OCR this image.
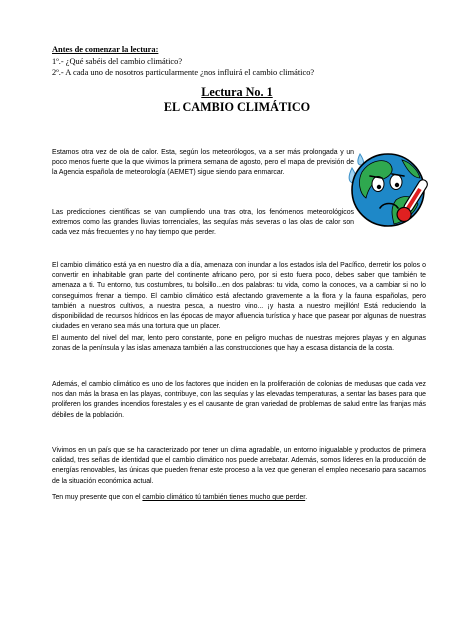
Antes de comenzar la lectura:
1º.- ¿Qué sabéis del cambio climático?
2º.- A cada uno de nosotros particularmente ¿nos influirá el cambio climático?
Lectura No. 1
EL CAMBIO CLIMÁTICO

Estamos otra vez de ola de calor. Esta, según los meteorólogos, va a ser más prolongada y un poco menos fuerte que la que vivimos la primera semana de agosto, pero el mapa de previsión de la Agencia española de meteorología (AEMET) sigue siendo para enmarcar.

Las predicciones científicas se van cumpliendo una tras otra, los fenómenos meteorológicos extremos como las grandes lluvias torrenciales, las sequías más severas o las olas de calor son cada vez más frecuentes y no hay tiempo que perder.

El cambio climático está ya en nuestro día a día, amenaza con inundar a los estados isla del Pacífico, derretir los polos o convertir en inhabitable gran parte del continente africano pero, por si esto fuera poco, debes saber que también te amenaza a ti. Tu entorno, tus costumbres, tu bolsillo...en dos palabras: tu vida, como la conoces, va a cambiar si no lo conseguimos frenar a tiempo. El cambio climático está afectando gravemente a la flora y la fauna españolas, pero también a nuestros cultivos, a nuestra pesca, a nuestro vino... ¡y hasta a nuestro mejillón! Está reduciendo la disponibilidad de recursos hídricos en las épocas de mayor afluencia turística y hace que pasear por algunas de nuestras ciudades en verano sea más una tortura que un placer.

El aumento del nivel del mar, lento pero constante, pone en peligro muchas de nuestras mejores playas y en algunas zonas de la península y las islas amenaza también a las construcciones que hay a escasa distancia de la costa.

Además, el cambio climático es uno de los factores que inciden en la proliferación de colonias de medusas que cada vez nos dan más la brasa en las playas, contribuye, con las sequías y las elevadas temperaturas, a sentar las bases para que proliferen los grandes incendios forestales y es el causante de gran variedad de problemas de salud entre las franjas más débiles de la población.

Vivimos en un país que se ha caracterizado por tener un clima agradable, un entorno inigualable y productos de primera calidad, tres señas de identidad que el cambio climático nos puede arrebatar. Además, somos líderes en la producción de energías renovables, las únicas que pueden frenar este proceso a la vez que generan el empleo necesario para sacarnos de la situación económica actual.

Ten muy presente que con el cambio climático tú también tienes mucho que perder.
